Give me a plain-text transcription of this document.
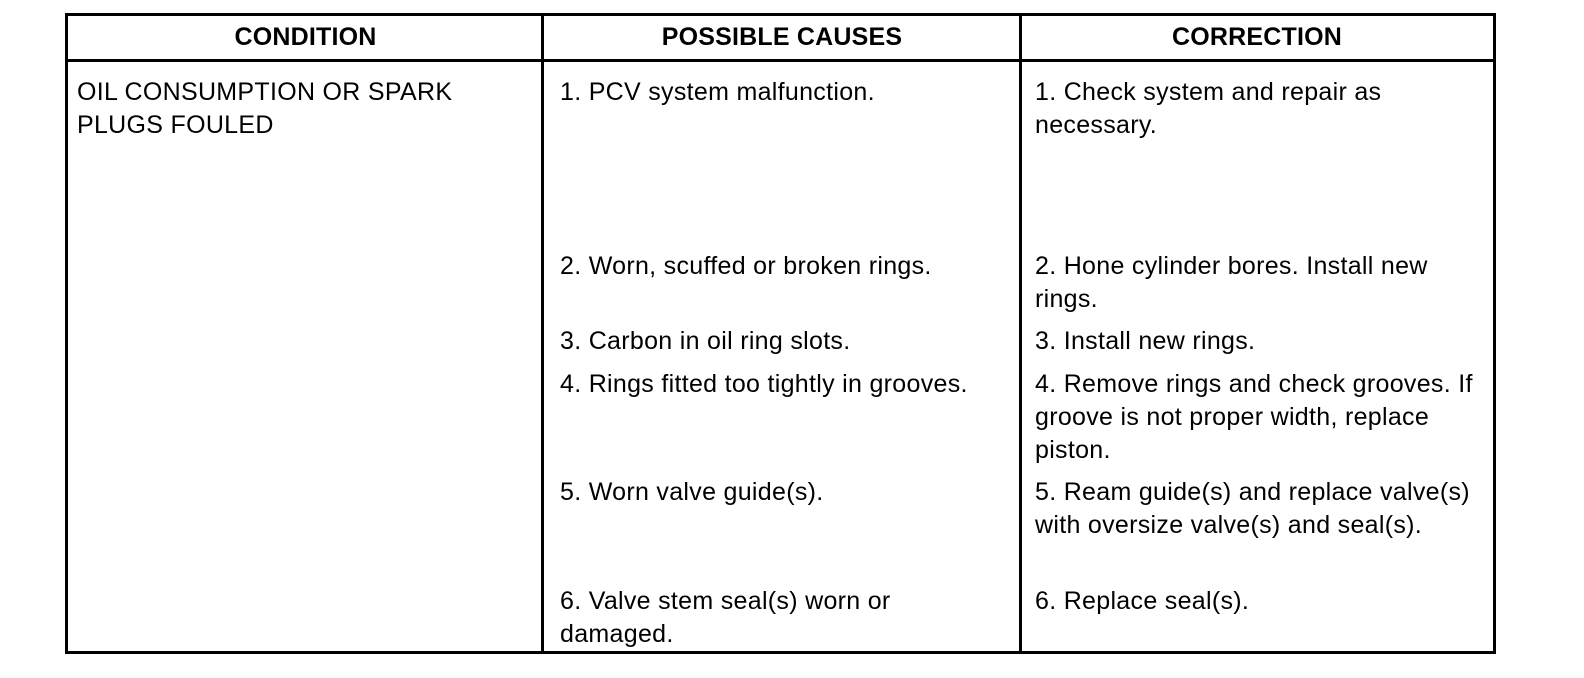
CONDITION
OIL CONSUMPTION OR SPARK PLUGS FOULED
POSSIBLE CAUSES
1. PCV system malfunction.
2. Worn, scuffed or broken rings.
3. Carbon in oil ring slots.
4. Rings fitted too tightly in grooves.
5. Worn valve guide(s).
6. Valve stem seal(s) worn or damaged.
CORRECTION
1. Check system and repair as necessary.
2. Hone cylinder bores. Install new rings.
3. Install new rings.
4. Remove rings and check grooves. If groove is not proper width, replace piston.
5. Ream guide(s) and replace valve(s) with oversize valve(s) and seal(s).
6. Replace seal(s).
